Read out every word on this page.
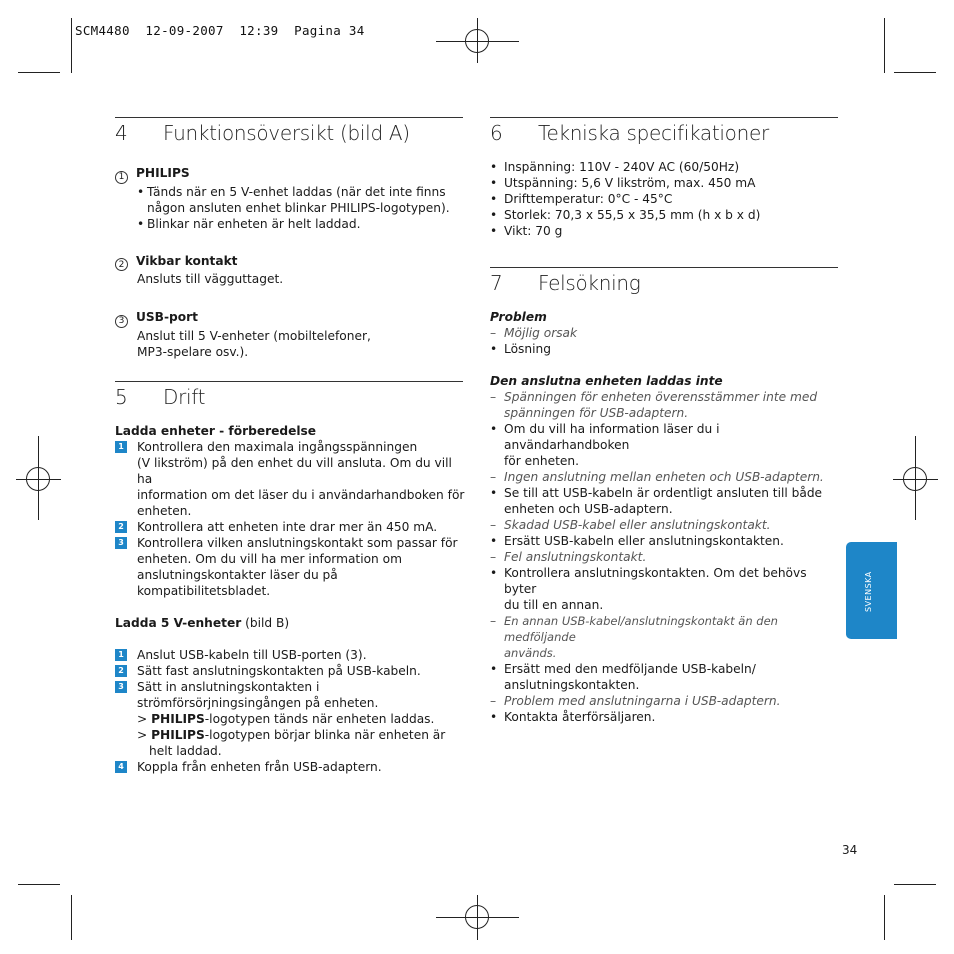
SCM4480  12-09-2007  12:39  Pagina 34
4	Funktionsöversikt (bild A)
5	Drift
6	Tekniska specifikationer
7	Felsökning
1 PHILIPS
• Tänds när en 5 V-enhet laddas (när det inte finns
någon ansluten enhet blinkar PHILIPS-logotypen).
• Blinkar när enheten är helt laddad.
2 Vikbar kontakt
Ansluts till vägguttaget.
3 USB-port
Anslut till 5 V-enheter (mobiltelefoner,
MP3-spelare osv.).
Ladda enheter - förberedelse
1 Kontrollera den maximala ingångsspänningen
(V likström) på den enhet du vill ansluta. Om du vill ha
information om det läser du i användarhandboken för
enheten.
2 Kontrollera att enheten inte drar mer än 450 mA.
3 Kontrollera vilken anslutningskontakt som passar för
enheten. Om du vill ha mer information om
anslutningskontakter läser du på kompatibilitetsbladet.
Ladda 5 V-enheter (bild B)
1 Anslut USB-kabeln till USB-porten (3).
2 Sätt fast anslutningskontakten på USB-kabeln.
3 Sätt in anslutningskontakten i
strömförsörjningsingången på enheten.
> PHILIPS-logotypen tänds när enheten laddas.
> PHILIPS-logotypen börjar blinka när enheten är
helt laddad.
4 Koppla från enheten från USB-adaptern.
• Inspänning: 110V - 240V AC (60/50Hz)
• Utspänning: 5,6 V likström, max. 450 mA
• Drifttemperatur: 0°C - 45°C
• Storlek: 70,3 x 55,5 x 35,5 mm (h x b x d)
• Vikt: 70 g
Problem
– Möjlig orsak
• Lösning
Den anslutna enheten laddas inte
– Spänningen för enheten överensstämmer inte med
spänningen för USB-adaptern.
• Om du vill ha information läser du i användarhandboken
för enheten.
– Ingen anslutning mellan enheten och USB-adaptern.
• Se till att USB-kabeln är ordentligt ansluten till både
enheten och USB-adaptern.
– Skadad USB-kabel eller anslutningskontakt.
• Ersätt USB-kabeln eller anslutningskontakten.
– Fel anslutningskontakt.
• Kontrollera anslutningskontakten. Om det behövs byter
du till en annan.
– En annan USB-kabel/anslutningskontakt än den medföljande
används.
• Ersätt med den medföljande USB-kabeln/
anslutningskontakten.
– Problem med anslutningarna i USB-adaptern.
• Kontakta återförsäljaren.
SVENSKA
34
